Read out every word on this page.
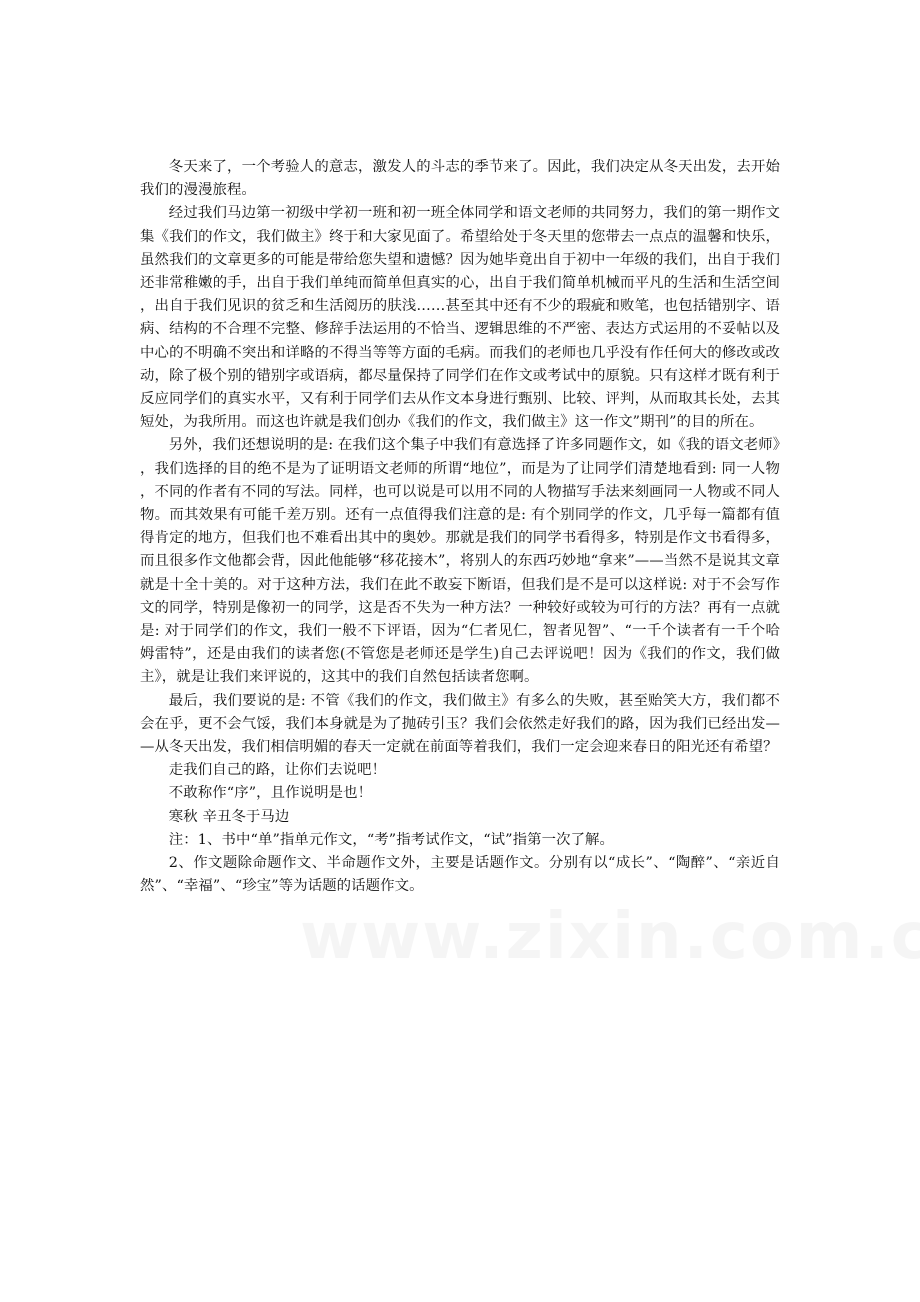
冬天来了，一个考验人的意志，激发人的斗志的季节来了。因此，我们决定从冬天出发，去开始我们的漫漫旅程。

经过我们马边第一初级中学初一班和初一班全体同学和语文老师的共同努力，我们的第一期作文集《我们的作文，我们做主》终于和大家见面了。希望给处于冬天里的您带去一点点的温馨和快乐，虽然我们的文章更多的可能是带给您失望和遗憾？因为她毕竟出自于初中一年级的我们，出自于我们还非常稚嫩的手，出自于我们单纯而简单但真实的心，出自于我们简单机械而平凡的生活和生活空间，出自于我们见识的贫乏和生活阅历的肤浅……甚至其中还有不少的瑕疵和败笔，也包括错别字、语病、结构的不合理不完整、修辞手法运用的不恰当、逻辑思维的不严密、表达方式运用的不妥帖以及中心的不明确不突出和详略的不得当等等方面的毛病。而我们的老师也几乎没有作任何大的修改或改动，除了极个别的错别字或语病，都尽量保持了同学们在作文或考试中的原貌。只有这样才既有利于反应同学们的真实水平，又有利于同学们去从作文本身进行甄别、比较、评判，从而取其长处，去其短处，为我所用。而这也许就是我们创办《我们的作文，我们做主》这一作文”期刊”的目的所在。

另外，我们还想说明的是: 在我们这个集子中我们有意选择了许多同题作文，如《我的语文老师》，我们选择的目的绝不是为了证明语文老师的所谓“地位”，而是为了让同学们清楚地看到: 同一人物，不同的作者有不同的写法。同样，也可以说是可以用不同的人物描写手法来刻画同一人物或不同人物。而其效果有可能千差万别。还有一点值得我们注意的是: 有个别同学的作文，几乎每一篇都有值得肯定的地方，但我们也不难看出其中的奥妙。那就是我们的同学书看得多，特别是作文书看得多，而且很多作文他都会背，因此他能够“移花接木”，将别人的东西巧妙地“拿来”——当然不是说其文章就是十全十美的。对于这种方法，我们在此不敢妄下断语，但我们是不是可以这样说: 对于不会写作文的同学，特别是像初一的同学，这是否不失为一种方法？一种较好或较为可行的方法？再有一点就是: 对于同学们的作文，我们一般不下评语，因为“仁者见仁，智者见智”、“一千个读者有一千个哈姆雷特”，还是由我们的读者您(不管您是老师还是学生)自己去评说吧！因为《我们的作文，我们做主》，就是让我们来评说的，这其中的我们自然包括读者您啊。

最后，我们要说的是: 不管《我们的作文，我们做主》有多么的失败，甚至贻笑大方，我们都不会在乎，更不会气馁，我们本身就是为了抛砖引玉？我们会依然走好我们的路，因为我们已经出发——从冬天出发，我们相信明媚的春天一定就在前面等着我们，我们一定会迎来春日的阳光还有希望？

走我们自己的路，让你们去说吧！

不敢称作“序”，且作说明是也！

寒秋 辛丑冬于马边

注：1、书中“单”指单元作文，“考”指考试作文，“试”指第一次了解。

2、作文题除命题作文、半命题作文外，主要是话题作文。分别有以“成长”、“陶醉”、“亲近自然”、“幸福”、“珍宝”等为话题的话题作文。
